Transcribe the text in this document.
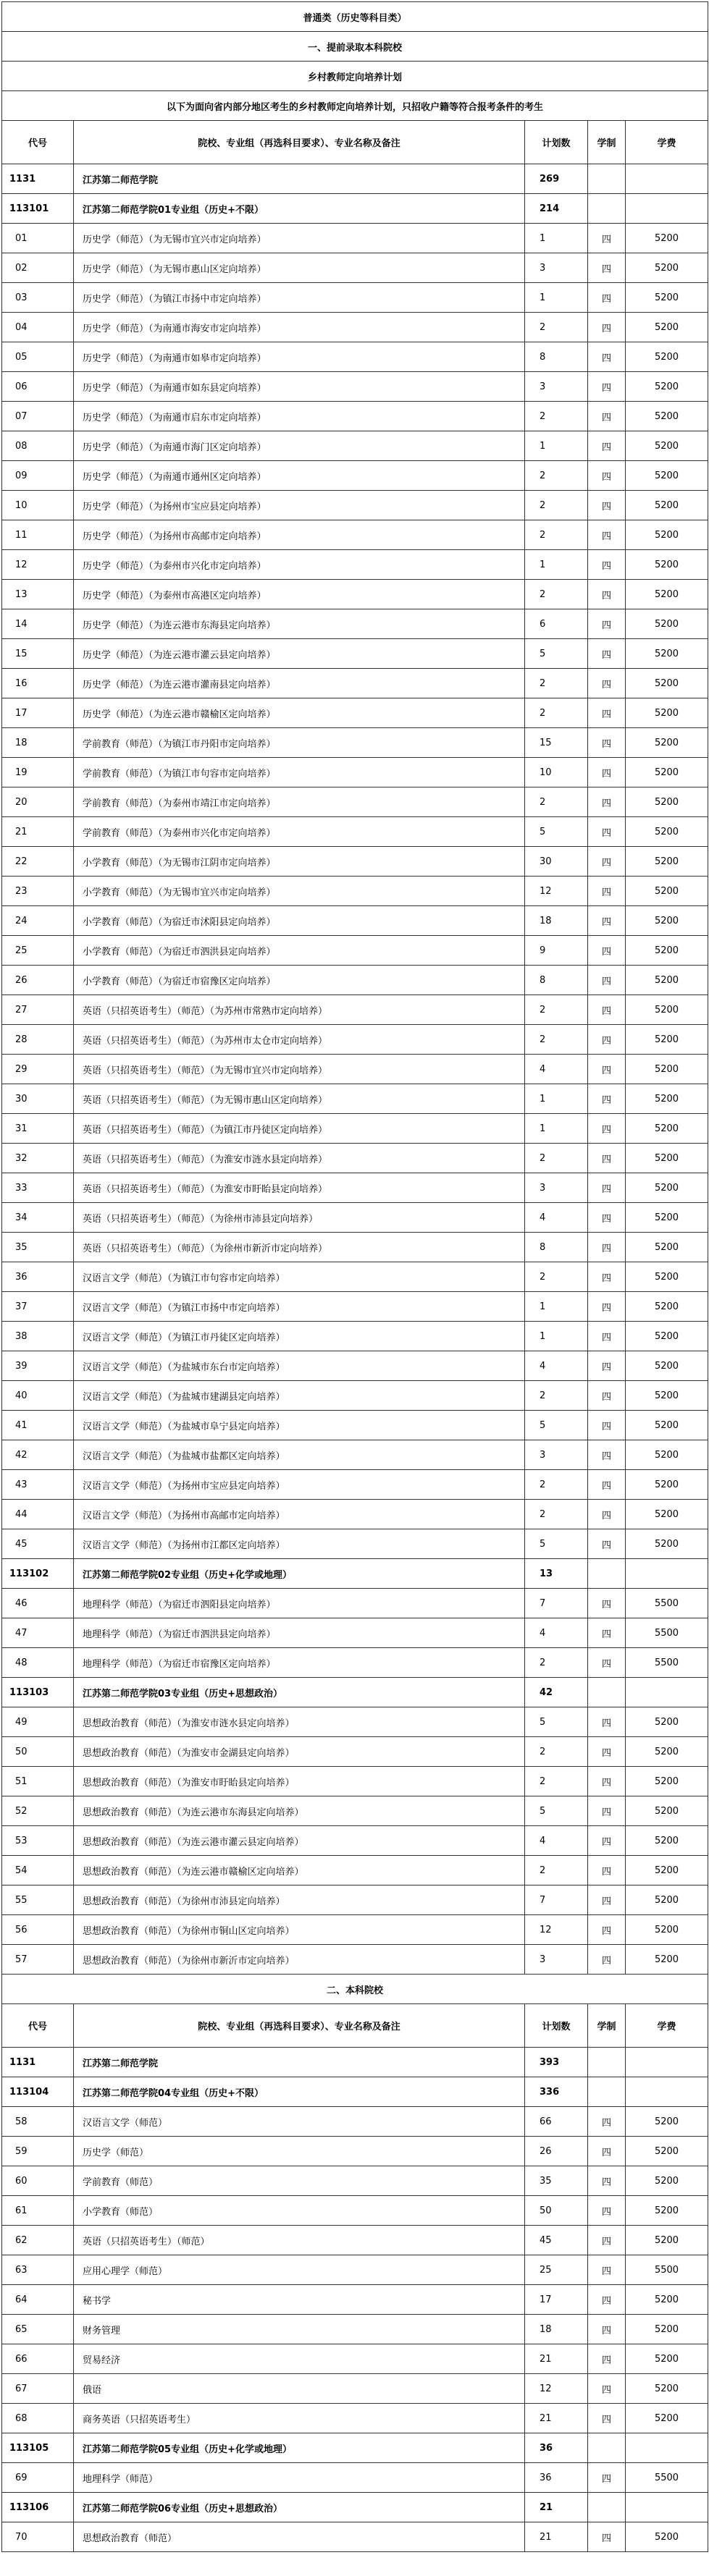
普通类（历史等科目类）				
一、提前录取本科院校				
乡村教师定向培养计划				
以下为面向省内部分地区考生的乡村教师定向培养计划，只招收户籍等符合报考条件的考生				
代号	院校、专业组（再选科目要求）、专业名称及备注	计划数	学制	学费
1131	江苏第二师范学院	269		
113101	江苏第二师范学院01专业组（历史+不限）	214		
01	历史学（师范）（为无锡市宜兴市定向培养）	1	四	5200
02	历史学（师范）（为无锡市惠山区定向培养）	3	四	5200
03	历史学（师范）（为镇江市扬中市定向培养）	1	四	5200
04	历史学（师范）（为南通市海安市定向培养）	2	四	5200
05	历史学（师范）（为南通市如皋市定向培养）	8	四	5200
06	历史学（师范）（为南通市如东县定向培养）	3	四	5200
07	历史学（师范）（为南通市启东市定向培养）	2	四	5200
08	历史学（师范）（为南通市海门区定向培养）	1	四	5200
09	历史学（师范）（为南通市通州区定向培养）	2	四	5200
10	历史学（师范）（为扬州市宝应县定向培养）	2	四	5200
11	历史学（师范）（为扬州市高邮市定向培养）	2	四	5200
12	历史学（师范）（为泰州市兴化市定向培养）	1	四	5200
13	历史学（师范）（为泰州市高港区定向培养）	2	四	5200
14	历史学（师范）（为连云港市东海县定向培养）	6	四	5200
15	历史学（师范）（为连云港市灌云县定向培养）	5	四	5200
16	历史学（师范）（为连云港市灌南县定向培养）	2	四	5200
17	历史学（师范）（为连云港市赣榆区定向培养）	2	四	5200
18	学前教育（师范）（为镇江市丹阳市定向培养）	15	四	5200
19	学前教育（师范）（为镇江市句容市定向培养）	10	四	5200
20	学前教育（师范）（为泰州市靖江市定向培养）	2	四	5200
21	学前教育（师范）（为泰州市兴化市定向培养）	5	四	5200
22	小学教育（师范）（为无锡市江阴市定向培养）	30	四	5200
23	小学教育（师范）（为无锡市宜兴市定向培养）	12	四	5200
24	小学教育（师范）（为宿迁市沭阳县定向培养）	18	四	5200
25	小学教育（师范）（为宿迁市泗洪县定向培养）	9	四	5200
26	小学教育（师范）（为宿迁市宿豫区定向培养）	8	四	5200
27	英语（只招英语考生）（师范）（为苏州市常熟市定向培养）	2	四	5200
28	英语（只招英语考生）（师范）（为苏州市太仓市定向培养）	2	四	5200
29	英语（只招英语考生）（师范）（为无锡市宜兴市定向培养）	4	四	5200
30	英语（只招英语考生）（师范）（为无锡市惠山区定向培养）	1	四	5200
31	英语（只招英语考生）（师范）（为镇江市丹徒区定向培养）	1	四	5200
32	英语（只招英语考生）（师范）（为淮安市涟水县定向培养）	2	四	5200
33	英语（只招英语考生）（师范）（为淮安市盱眙县定向培养）	3	四	5200
34	英语（只招英语考生）（师范）（为徐州市沛县定向培养）	4	四	5200
35	英语（只招英语考生）（师范）（为徐州市新沂市定向培养）	8	四	5200
36	汉语言文学（师范）（为镇江市句容市定向培养）	2	四	5200
37	汉语言文学（师范）（为镇江市扬中市定向培养）	1	四	5200
38	汉语言文学（师范）（为镇江市丹徒区定向培养）	1	四	5200
39	汉语言文学（师范）（为盐城市东台市定向培养）	4	四	5200
40	汉语言文学（师范）（为盐城市建湖县定向培养）	2	四	5200
41	汉语言文学（师范）（为盐城市阜宁县定向培养）	5	四	5200
42	汉语言文学（师范）（为盐城市盐都区定向培养）	3	四	5200
43	汉语言文学（师范）（为扬州市宝应县定向培养）	2	四	5200
44	汉语言文学（师范）（为扬州市高邮市定向培养）	2	四	5200
45	汉语言文学（师范）（为扬州市江都区定向培养）	5	四	5200
113102	江苏第二师范学院02专业组（历史+化学或地理）	13		
46	地理科学（师范）（为宿迁市泗阳县定向培养）	7	四	5500
47	地理科学（师范）（为宿迁市泗洪县定向培养）	4	四	5500
48	地理科学（师范）（为宿迁市宿豫区定向培养）	2	四	5500
113103	江苏第二师范学院03专业组（历史+思想政治）	42		
49	思想政治教育（师范）（为淮安市涟水县定向培养）	5	四	5200
50	思想政治教育（师范）（为淮安市金湖县定向培养）	2	四	5200
51	思想政治教育（师范）（为淮安市盱眙县定向培养）	2	四	5200
52	思想政治教育（师范）（为连云港市东海县定向培养）	5	四	5200
53	思想政治教育（师范）（为连云港市灌云县定向培养）	4	四	5200
54	思想政治教育（师范）（为连云港市赣榆区定向培养）	2	四	5200
55	思想政治教育（师范）（为徐州市沛县定向培养）	7	四	5200
56	思想政治教育（师范）（为徐州市铜山区定向培养）	12	四	5200
57	思想政治教育（师范）（为徐州市新沂市定向培养）	3	四	5200
二、本科院校				
代号	院校、专业组（再选科目要求）、专业名称及备注	计划数	学制	学费
1131	江苏第二师范学院	393		
113104	江苏第二师范学院04专业组（历史+不限）	336		
58	汉语言文学（师范）	66	四	5200
59	历史学（师范）	26	四	5200
60	学前教育（师范）	35	四	5200
61	小学教育（师范）	50	四	5200
62	英语（只招英语考生）（师范）	45	四	5200
63	应用心理学（师范）	25	四	5500
64	秘书学	17	四	5200
65	财务管理	18	四	5200
66	贸易经济	21	四	5200
67	俄语	12	四	5200
68	商务英语（只招英语考生）	21	四	5200
113105	江苏第二师范学院05专业组（历史+化学或地理）	36		
69	地理科学（师范）	36	四	5500
113106	江苏第二师范学院06专业组（历史+思想政治）	21		
70	思想政治教育（师范）	21	四	5200
